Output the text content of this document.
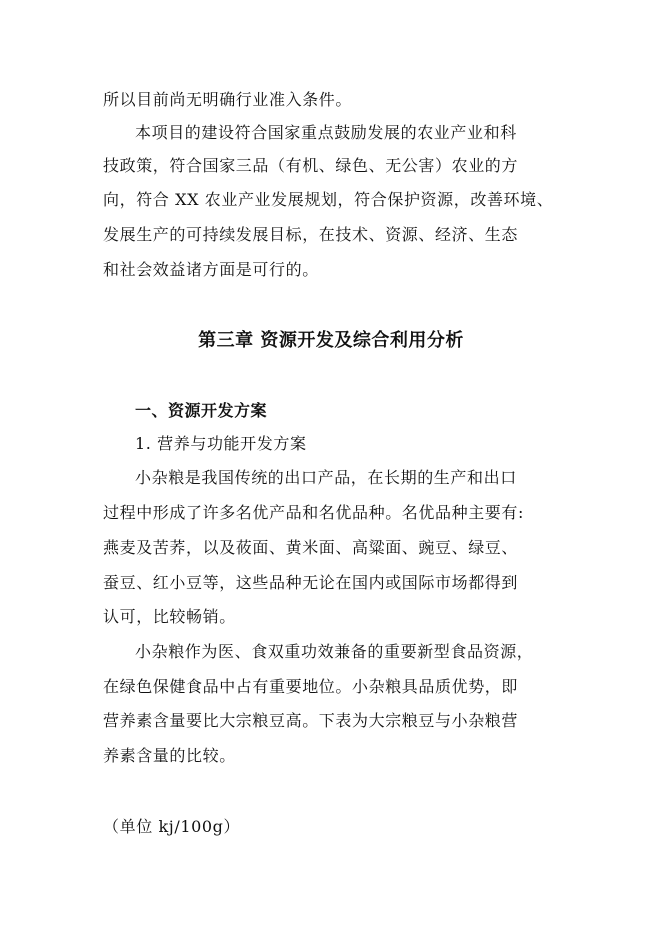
所以目前尚无明确行业准入条件。
本项目的建设符合国家重点鼓励发展的农业产业和科
技政策，符合国家三品（有机、绿色、无公害）农业的方
向，符合 XX 农业产业发展规划，符合保护资源，改善环境、
发展生产的可持续发展目标，在技术、资源、经济、生态
和社会效益诸方面是可行的。
第三章 资源开发及综合利用分析
一、资源开发方案
1. 营养与功能开发方案
小杂粮是我国传统的出口产品，在长期的生产和出口
过程中形成了许多名优产品和名优品种。名优品种主要有:
燕麦及苦荞，以及莜面、黄米面、高粱面、豌豆、绿豆、
蚕豆、红小豆等，这些品种无论在国内或国际市场都得到
认可，比较畅销。
小杂粮作为医、食双重功效兼备的重要新型食品资源，
在绿色保健食品中占有重要地位。小杂粮具品质优势，即
营养素含量要比大宗粮豆高。下表为大宗粮豆与小杂粮营
养素含量的比较。
（单位 kj/100g）
